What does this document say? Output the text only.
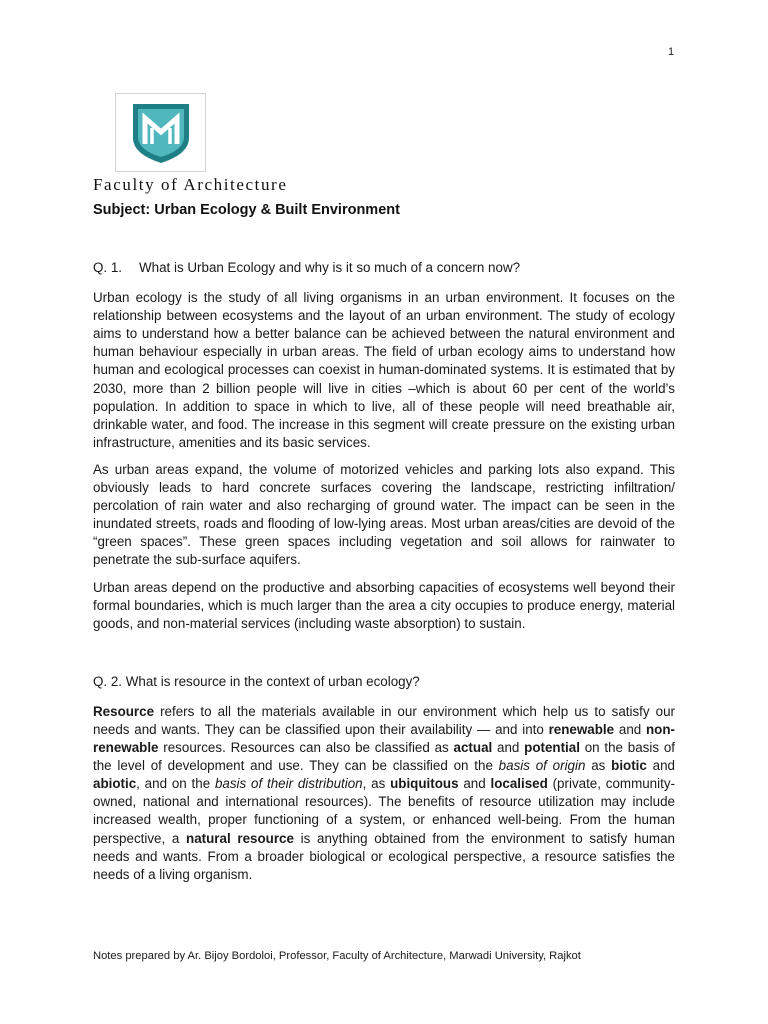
1
Faculty of Architecture
Subject: Urban Ecology & Built Environment
Q. 1. What is Urban Ecology and why is it so much of a concern now?

Urban ecology is the study of all living organisms in an urban environment. It focuses on the relationship between ecosystems and the layout of an urban environment. The study of ecology aims to understand how a better balance can be achieved between the natural environment and human behaviour especially in urban areas. The field of urban ecology aims to understand how human and ecological processes can coexist in human-dominated systems. It is estimated that by 2030, more than 2 billion people will live in cities –which is about 60 per cent of the world’s population. In addition to space in which to live, all of these people will need breathable air, drinkable water, and food. The increase in this segment will create pressure on the existing urban infrastructure, amenities and its basic services.

As urban areas expand, the volume of motorized vehicles and parking lots also expand. This obviously leads to hard concrete surfaces covering the landscape, restricting infiltration/ percolation of rain water and also recharging of ground water. The impact can be seen in the inundated streets, roads and flooding of low-lying areas. Most urban areas/cities are devoid of the “green spaces”. These green spaces including vegetation and soil allows for rainwater to penetrate the sub-surface aquifers.

Urban areas depend on the productive and absorbing capacities of ecosystems well beyond their formal boundaries, which is much larger than the area a city occupies to produce energy, material goods, and non-material services (including waste absorption) to sustain.

Q. 2. What is resource in the context of urban ecology?

Resource refers to all the materials available in our environment which help us to satisfy our needs and wants. They can be classified upon their availability — and into renewable and non-renewable resources. Resources can also be classified as actual and potential on the basis of the level of development and use. They can be classified on the basis of origin as biotic and abiotic, and on the basis of their distribution, as ubiquitous and localised (private, community-owned, national and international resources). The benefits of resource utilization may include increased wealth, proper functioning of a system, or enhanced well-being. From the human perspective, a natural resource is anything obtained from the environment to satisfy human needs and wants. From a broader biological or ecological perspective, a resource satisfies the needs of a living organism.

Notes prepared by Ar. Bijoy Bordoloi, Professor, Faculty of Architecture, Marwadi University, Rajkot
